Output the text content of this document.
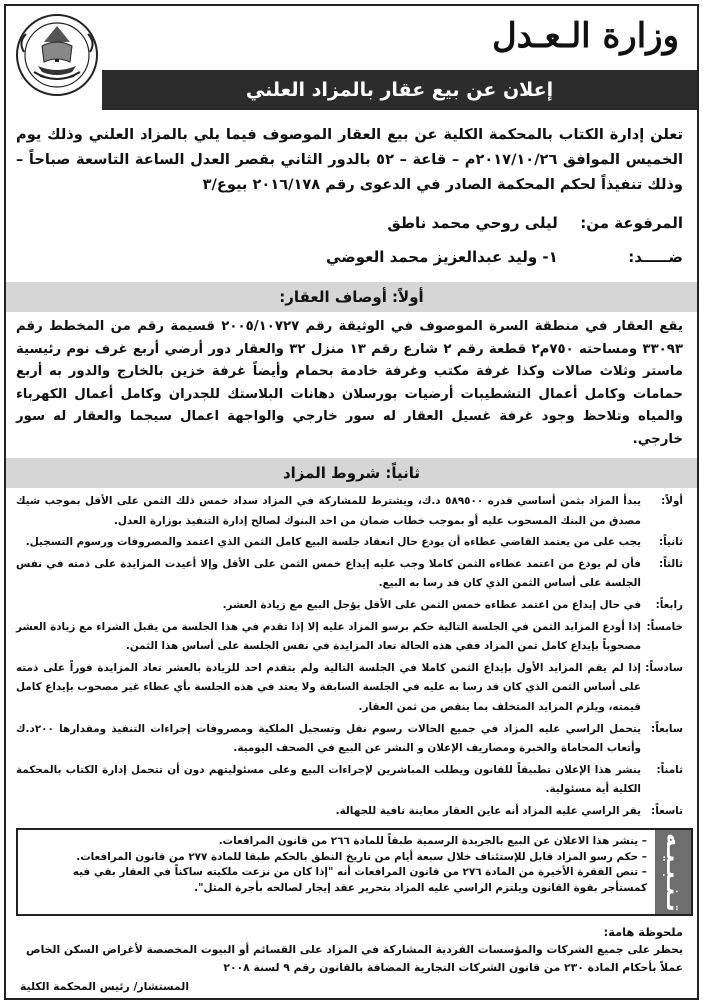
وزارة الـعـدل
إعلان عن بيع عقار بالمزاد العلني
تعلن إدارة الكتاب بالمحكمة الكلية عن بيع العقار الموصوف فيما يلي بالمزاد العلني وذلك يوم الخميس الموافق ٢٠١٧/١٠/٢٦م – قاعة – ٥٢ بالدور الثاني بقصر العدل الساعة التاسعة صباحاً – وذلك تنفيذاً لحكم المحكمة الصادر في الدعوى رقم ٢٠١٦/١٧٨ بيوع/٣
المرفوعة من: ليلى روحي محمد ناطق
ضـــــد: ١- وليد عبدالعزيز محمد العوضي
أولاً: أوصاف العقار:
يقع العقار في منطقة السرة الموصوف في الوثيقة رقم ٢٠٠٥/١٠٧٢٧ قسيمة رقم من المخطط رقم ٣٣٠٩٣ ومساحته ٧٥٠م٢ قطعة رقم ٢ شارع رقم ١٣ منزل ٣٢ والعقار دور أرضي أربع غرف نوم رئيسية ماستر وثلاث صالات وكذا غرفة مكتب وغرفة خادمة بحمام وأيضاً غرفة خزين بالخارج والدور به أربع حمامات وكامل أعمال التشطيبات أرضيات بورسلان دهانات البلاستك للجدران وكامل أعمال الكهرباء والمياه وتلاحظ وجود غرفة غسيل العقار له سور خارجي والواجهة اعمال سيجما والعقار له سور خارجي.
ثانياً: شروط المزاد
أولاً:
يبدأ المزاد بثمن أساسي قدره ٥٨٩٥٠٠ د.ك، ويشترط للمشاركة في المزاد سداد خمس ذلك الثمن على الأقل بموجب شيك مصدق من البنك المسحوب عليه أو بموجب خطاب ضمان من احد البنوك لصالح إدارة التنفيذ بوزارة العدل.
ثانياً:
يجب على من يعتمد القاضي عطاءه أن يودع حال انعقاد جلسة البيع كامل الثمن الذي اعتمد والمصروفات ورسوم التسجيل.
ثالثاً:
فأن لم يودع من اعتمد عطاءه الثمن كاملا وجب عليه إيداع خمس الثمن على الأقل وإلا أعيدت المزايدة على ذمته في نفس الجلسة على أساس الثمن الذي كان قد رسا به البيع.
رابعاً:
في حال إيداع من اعتمد عطاءه خمس الثمن على الأقل يؤجل البيع مع زيادة العشر.
خامساً:
إذا أودع المزايد الثمن في الجلسة التالية حكم برسو المزاد عليه إلا إذا تقدم في هذا الجلسة من يقبل الشراء مع زيادة العشر مصحوباً بإيداع كامل ثمن المزاد ففي هذه الحالة تعاد المزايدة في نفس الجلسة على أساس هذا الثمن.
سادساً:
إذا لم يقم المزايد الأول بإيداع الثمن كاملا في الجلسة التالية ولم يتقدم احد للزيادة بالعشر تعاد المزايدة فوراً على ذمته على أساس الثمن الذي كان قد رسا به عليه في الجلسة السابقة ولا يعتد في هذه الجلسة بأي عطاء غير مصحوب بإيداع كامل قيمته، ويلزم المزايد المتخلف بما ينقص من ثمن العقار.
سابعاً:
يتحمل الراسي عليه المزاد في جميع الحالات رسوم نقل وتسجيل الملكية ومصروفات إجراءات التنفيذ ومقدارها ٢٠٠د.ك وأتعاب المحاماة والخبرة ومصاريف الإعلان و النشر عن البيع في الصحف اليومية.
ثامناً:
ينشر هذا الإعلان تطبيقاً للقانون ويطلب المباشرين لإجراءات البيع وعلى مسئوليتهم دون أن تتحمل إدارة الكتاب بالمحكمة الكلية أية مسئولية.
تاسعاً:
يقر الراسي عليه المزاد أنه عاين العقار معاينة نافية للجهالة.
تـنـبـيـه
– ينشر هذا الاعلان عن البيع بالجريدة الرسمية طبقاً للمادة ٢٦٦ من قانون المرافعات.
– حكم رسو المزاد قابل للإستئناف خلال سبعة أيام من تاريخ النطق بالحكم طبقا للمادة ٢٧٧ من قانون المرافعات.
– تنص الفقرة الأخيرة من المادة ٢٧٦ من قانون المرافعات أنه "إذا كان من نزعت ملكيته ساكناً في العقار بقي فيه كمستأجر بقوة القانون ويلتزم الراسي عليه المزاد بتحرير عقد إيجار لصالحه بأجرة المثل".
ملحوظة هامة:
يحظر على جميع الشركات والمؤسسات الفردية المشاركة في المزاد على القسائم أو البيوت المخصصة لأغراض السكن الخاص عملاً بأحكام المادة ٢٣٠ من قانون الشركات التجارية المضافة بالقانون رقم ٩ لسنة ٢٠٠٨
المستشار/ رئيس المحكمة الكلية
